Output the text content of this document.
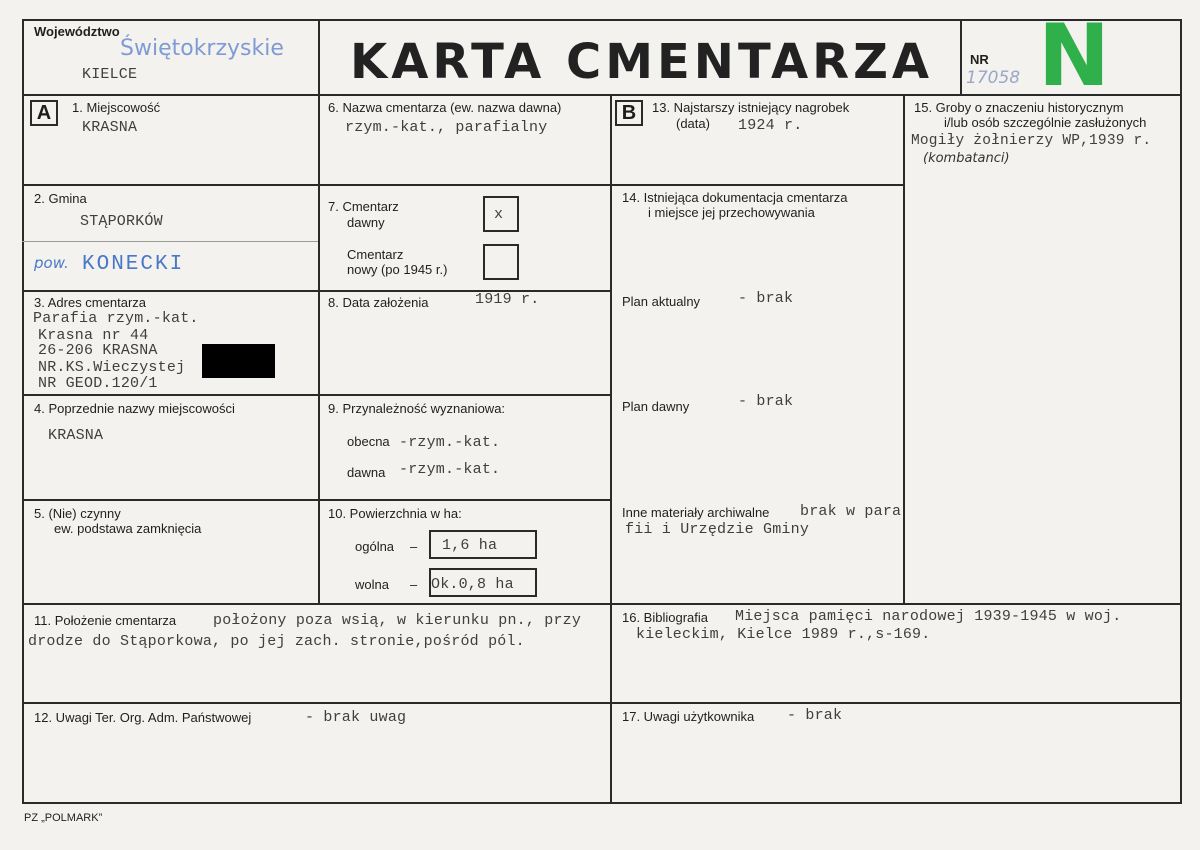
Województwo
Świętokrzyskie
KIELCE	KARTA CMENTARZA	NR
17058 N
A	B
1. Miejscowość
KRASNA
2. Gmina
STĄPORKÓW
pow. KONECKI
3. Adres cmentarza
Parafia rzym.-kat.
Krasna nr 44
26-206 KRASNA
NR.KS.Wieczystej
NR GEOD.120/1
4. Poprzednie nazwy miejscowości
KRASNA
5. (Nie) czynny
ew. podstawa zamknięcia
6. Nazwa cmentarza (ew. nazwa dawna)
rzym.-kat., parafialny
7. Cmentarz
dawny	x
Cmentarz
nowy (po 1945 r.)
8. Data założenia	1919 r.
9. Przynależność wyznaniowa:
obecna -rzym.-kat.
dawna -rzym.-kat.
10. Powierzchnia w ha:
ogólna – 1,6 ha
wolna – Ok.0,8 ha
11. Położenie cmentarza położony poza wsią, w kierunku pn., przy
drodze do Stąporkowa, po jej zach. stronie,pośród pól.
12. Uwagi Ter. Org. Adm. Państwowej	- brak uwag
13. Najstarszy istniejący nagrobek
(data) 1924 r.
14. Istniejąca dokumentacja cmentarza
i miejsce jej przechowywania
Plan aktualny	- brak
Plan dawny	- brak
Inne materiały archiwalne brak w para
fii i Urzędzie Gminy
15. Groby o znaczeniu historycznym
i/lub osób szczególnie zasłużonych
Mogiły żołnierzy WP,1939 r.
(kombatanci)
16. Bibliografia Miejsca pamięci narodowej 1939-1945 w woj.
kieleckim, Kielce 1989 r.,s-169.
17. Uwagi użytkownika - brak
PZ „POLMARK”
